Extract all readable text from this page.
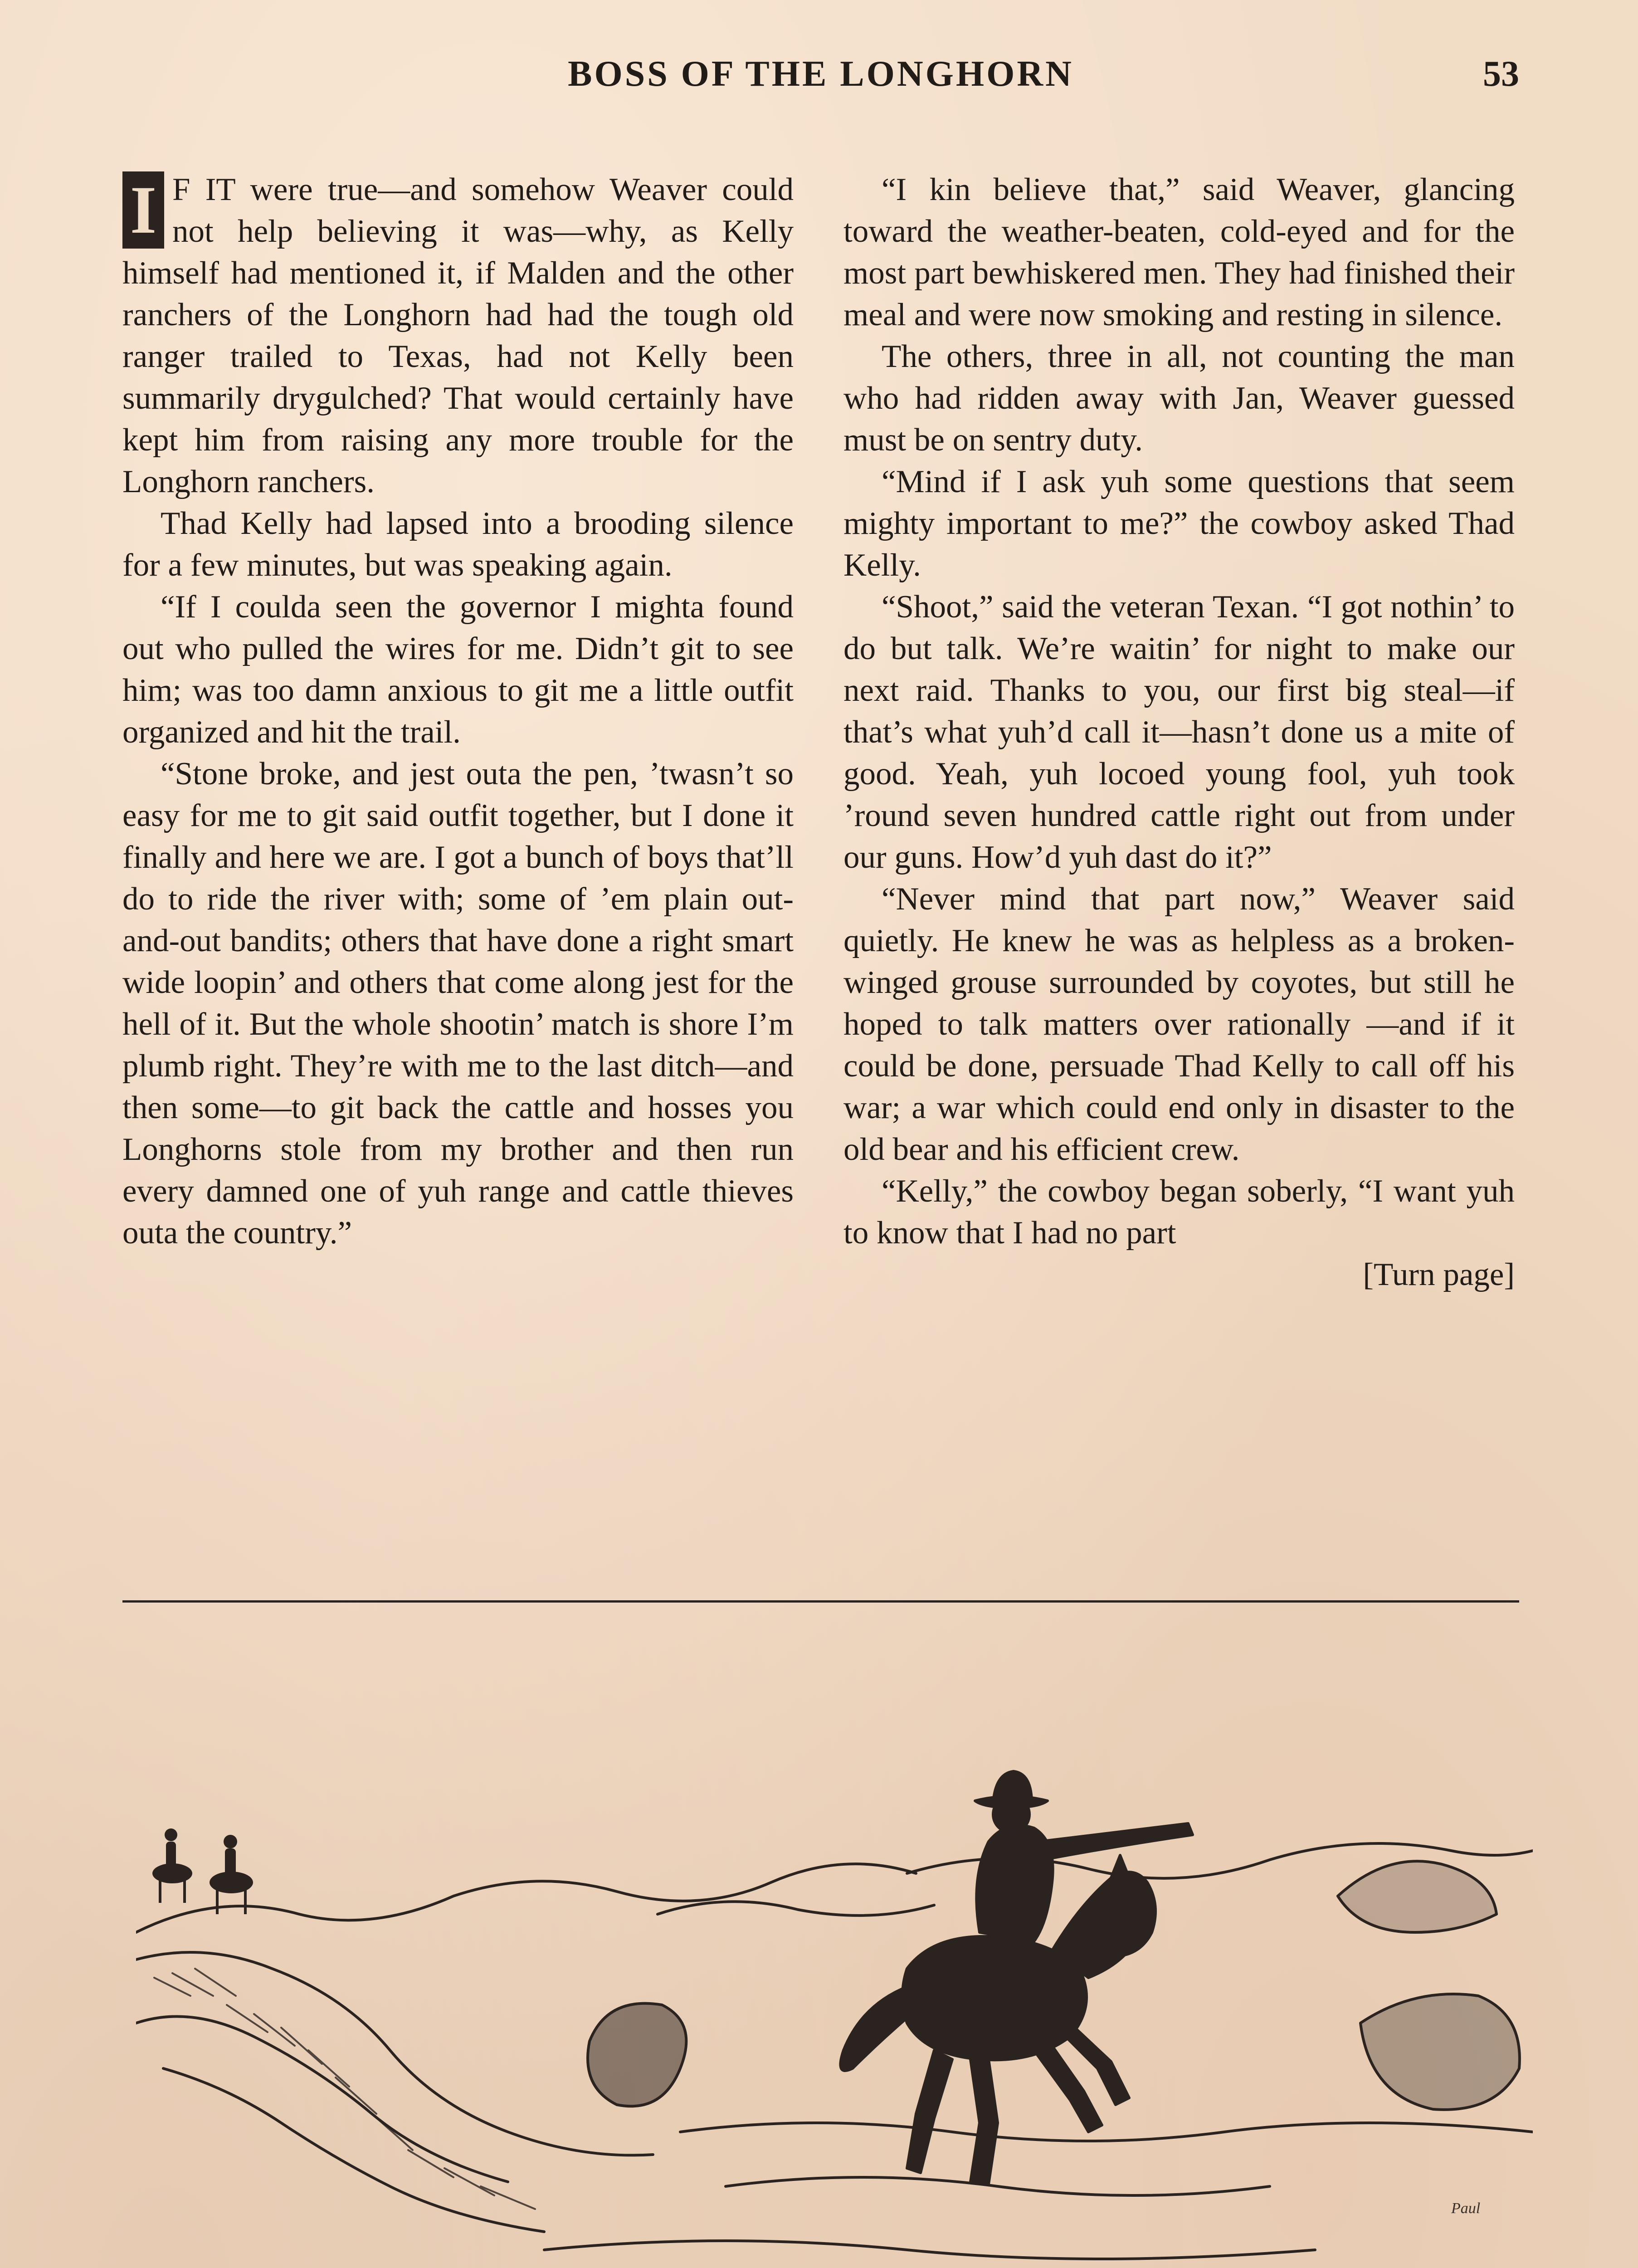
BOSS OF THE LONGHORN	53

I F IT were true—and somehow Weaver could not help believing it was—why, as Kelly himself had mentioned it, if Malden and the other ranchers of the Longhorn had had the tough old ranger trailed to Texas, had not Kelly been summarily drygulched? That would certainly have kept him from raising any more trouble for the Longhorn ranchers.

Thad Kelly had lapsed into a brooding silence for a few minutes, but was speaking again.

“If I coulda seen the governor I mighta found out who pulled the wires for me. Didn’t git to see him; was too damn anxious to git me a little outfit organized and hit the trail.

“Stone broke, and jest outa the pen, ’twasn’t so easy for me to git said outfit together, but I done it finally and here we are. I got a bunch of boys that’ll do to ride the river with; some of ’em plain out-and-out bandits; others that have done a right smart wide loopin’ and others that come along jest for the hell of it. But the whole shootin’ match is shore I’m plumb right. They’re with me to the last ditch—and then some—to git back the cattle and hosses you Longhorns stole from my brother and then run every damned one of yuh range and cattle thieves outa the country.”

“I kin believe that,” said Weaver, glancing toward the weather-beaten, cold-eyed and for the most part bewhiskered men. They had finished their meal and were now smoking and resting in silence.

The others, three in all, not counting the man who had ridden away with Jan, Weaver guessed must be on sentry duty.

“Mind if I ask yuh some questions that seem mighty important to me?” the cowboy asked Thad Kelly.

“Shoot,” said the veteran Texan. “I got nothin’ to do but talk. We’re waitin’ for night to make our next raid. Thanks to you, our first big steal—if that’s what yuh’d call it—hasn’t done us a mite of good. Yeah, yuh locoed young fool, yuh took ’round seven hundred cattle right out from under our guns. How’d yuh dast do it?”

“Never mind that part now,” Weaver said quietly. He knew he was as helpless as a broken-winged grouse surrounded by coyotes, but still he hoped to talk matters over rationally —and if it could be done, persuade Thad Kelly to call off his war; a war which could end only in disaster to the old bear and his efficient crew.

“Kelly,” the cowboy began soberly, “I want yuh to know that I had no part

[Turn page]
Paul
